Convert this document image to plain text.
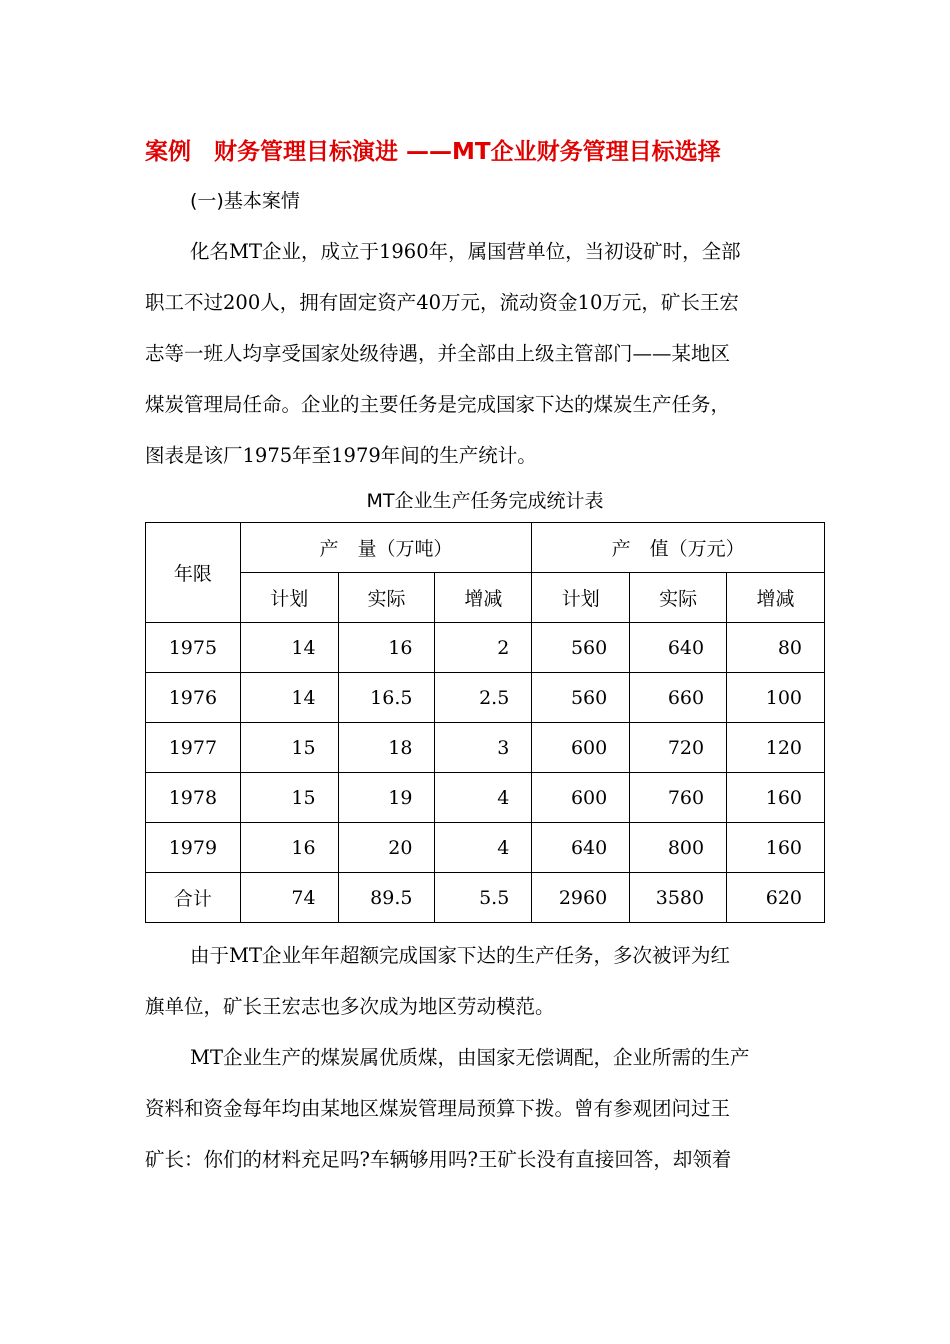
案例　财务管理目标演进 ——MT企业财务管理目标选择
(一)基本案情
化名MT企业，成立于1960年，属国营单位，当初设矿时，全部
职工不过200人，拥有固定资产40万元，流动资金10万元，矿长王宏
志等一班人均享受国家处级待遇，并全部由上级主管部门——某地区
煤炭管理局任命。企业的主要任务是完成国家下达的煤炭生产任务，
图表是该厂1975年至1979年间的生产统计。
MT企业生产任务完成统计表
年限	产　量（万吨）			产　值（万元）		
	计划	实际	增减	计划	实际	增减
1975	14	16	2	560	640	80
1976	14	16.5	2.5	560	660	100
1977	15	18	3	600	720	120
1978	15	19	4	600	760	160
1979	16	20	4	640	800	160
合计	74	89.5	5.5	2960	3580	620
由于MT企业年年超额完成国家下达的生产任务，多次被评为红
旗单位，矿长王宏志也多次成为地区劳动模范。
MT企业生产的煤炭属优质煤，由国家无偿调配，企业所需的生产
资料和资金每年均由某地区煤炭管理局预算下拨。曾有参观团问过王
矿长：你们的材料充足吗?车辆够用吗?王矿长没有直接回答，却领着
